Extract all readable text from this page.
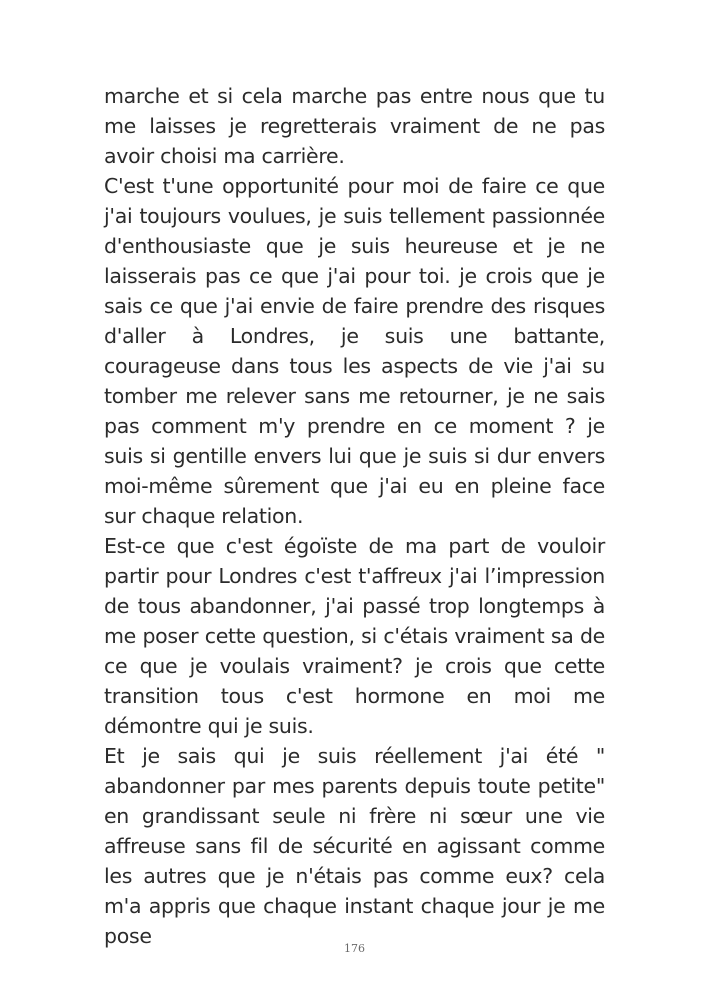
marche et si cela marche pas entre nous que tu me laisses je regretterais vraiment de ne pas avoir choisi ma carrière.

C'est t'une opportunité pour moi de faire ce que j'ai toujours voulues, je suis tellement passionnée d'enthousiaste que je suis heureuse et je ne laisserais pas ce que j'ai pour toi. je crois que je sais ce que j'ai envie de faire prendre des risques d'aller à Londres, je suis une battante, courageuse dans tous les aspects de vie j'ai su tomber me relever sans me retourner, je ne sais pas comment m'y prendre en ce moment ? je suis si gentille envers lui que je suis si dur envers moi-même sûrement que j'ai eu en pleine face sur chaque relation.

Est-ce que c'est égoïste de ma part de vouloir partir pour Londres c'est t'affreux j'ai l’impression de tous abandonner, j'ai passé trop longtemps à me poser cette question, si c'étais vraiment sa de ce que je voulais vraiment? je crois que cette transition tous c'est hormone en moi me démontre qui je suis.

Et je sais qui je suis réellement j'ai été " abandonner par mes parents depuis toute petite" en grandissant seule ni frère ni sœur une vie affreuse sans fil de sécurité en agissant comme les autres que je n'étais pas comme eux? cela m'a appris que chaque instant chaque jour je me pose

176
